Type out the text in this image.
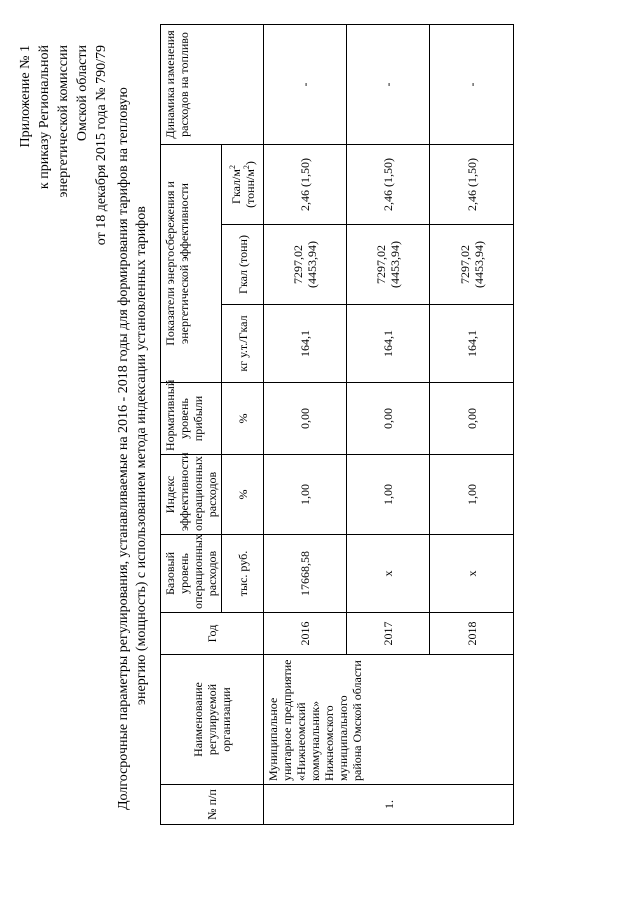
Приложение № 1 к приказу Региональной энергетической комиссии Омской области от 18 декабря 2015 года № 790/79 Долгосрочные параметры регулирования, устанавливаемые на 2016 - 2018 годы для формирования тарифов на тепловую энергию (мощность) с использованием метода индексации установленных тарифов
№ п/п	Наименование регулируемой организации	Год	Базовый уровень операционных расходов	Индекс эффективности операционных расходов	Нормативный уровень прибыли	Показатели энергосбережения и энергетической эффективности			Динамика изменения расходов на топливо
			тыс. руб.	%	%	кг у.т./Гкал	Гкал (тонн)	Гкал/$м^2$
$(тонн/м^2)$	
1.	Муниципальное унитарное предприятие «Нижнеомский коммунальник» Нижнеомского муниципального района Омской области	2016	17668,58	1,00	0,00	164,1	7297,02 (4453,94)	2,46 (1,50)	-
		2017	x	1,00	0,00	164,1	7297,02 (4453,94)	2,46 (1,50)	-
		2018	x	1,00	0,00	164,1	7297,02 (4453,94)	2,46 (1,50)	-
